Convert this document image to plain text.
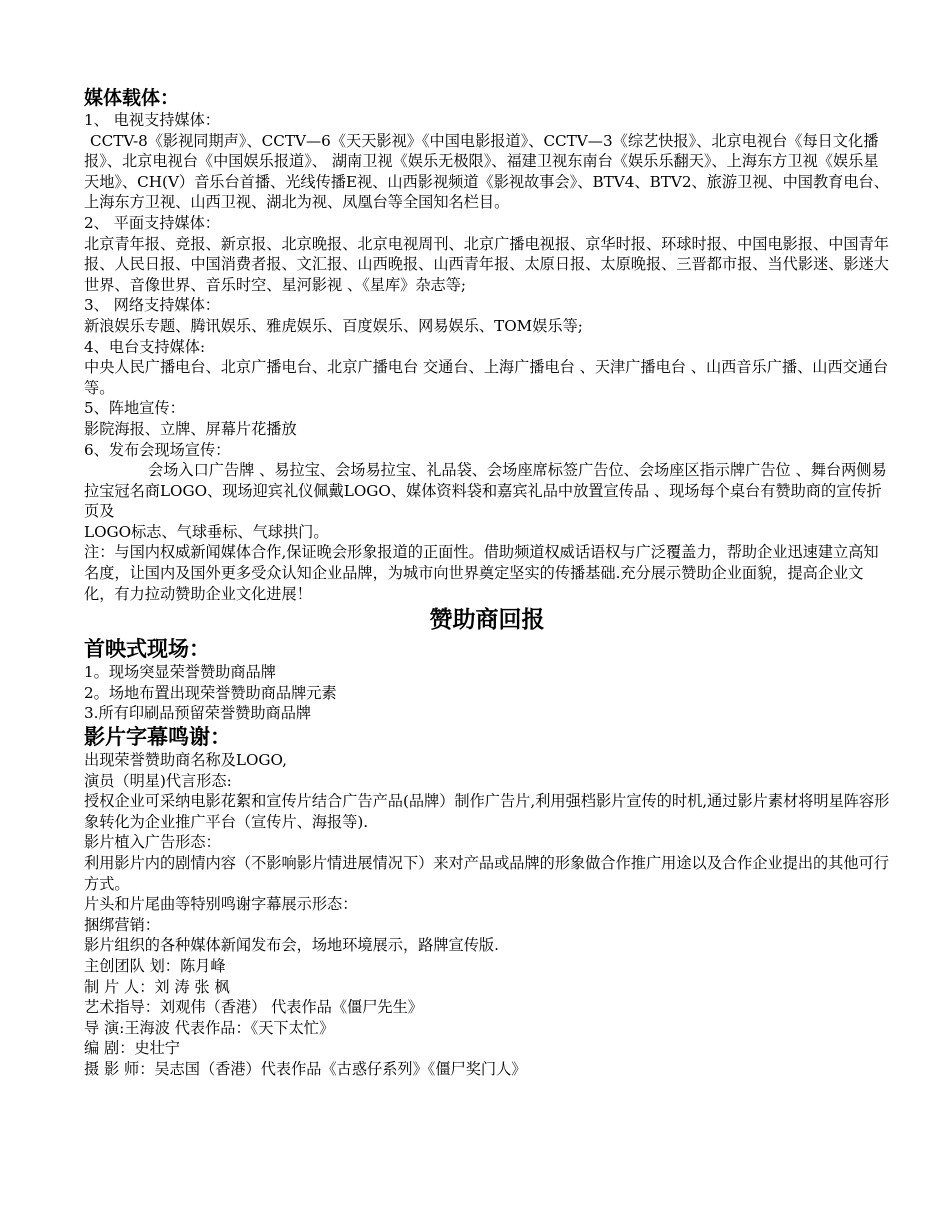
媒体载体：

1、 电视支持媒体：

CCTV-8《影视同期声》、CCTV—6《天天影视》《中国电影报道》、CCTV—3《综艺快报》、北京电视台《每日文化播报》、北京电视台《中国娱乐报道》、 湖南卫视《娱乐无极限》、福建卫视东南台《娱乐乐翻天》、上海东方卫视《娱乐星天地》、CH(V）音乐台首播、光线传播E视、山西影视频道《影视故事会》、BTV4、BTV2、旅游卫视、中国教育电台、上海东方卫视、山西卫视、湖北为视、凤凰台等全国知名栏目。

2、 平面支持媒体：

北京青年报、竞报、新京报、北京晚报、北京电视周刊、北京广播电视报、京华时报、环球时报、中国电影报、中国青年报、人民日报、中国消费者报、文汇报、山西晚报、山西青年报、太原日报、太原晚报、三晋都市报、当代影迷、影迷大世界、音像世界、音乐时空、星河影视 、《星库》杂志等;

3、 网络支持媒体：

新浪娱乐专题、腾讯娱乐、雅虎娱乐、百度娱乐、网易娱乐、TOM娱乐等;

4、电台支持媒体:

中央人民广播电台、北京广播电台、北京广播电台 交通台、上海广播电台 、天津广播电台 、山西音乐广播、山西交通台等。

5、阵地宣传：

影院海报、立牌、屏幕片花播放

6、发布会现场宣传：

会场入口广告牌 、易拉宝、会场易拉宝、礼品袋、会场座席标签广告位、会场座区指示牌广告位 、舞台两侧易拉宝冠名商LOGO、现场迎宾礼仪佩戴LOGO、媒体资料袋和嘉宾礼品中放置宣传品 、现场每个桌台有赞助商的宣传折页及

LOGO标志、气球垂标、气球拱门。

注：与国内权威新闻媒体合作,保证晚会形象报道的正面性。借助频道权威话语权与广泛覆盖力，帮助企业迅速建立高知名度，让国内及国外更多受众认知企业品牌，为城市向世界奠定坚实的传播基础.充分展示赞助企业面貌，提高企业文化，有力拉动赞助企业文化进展！

赞助商回报

首映式现场：

1。现场突显荣誉赞助商品牌

2。场地布置出现荣誉赞助商品牌元素

3.所有印刷品预留荣誉赞助商品牌

影片字幕鸣谢：

出现荣誉赞助商名称及LOGO,

演员（明星)代言形态:

授权企业可采纳电影花絮和宣传片结合广告产品(品牌）制作广告片,利用强档影片宣传的时机,通过影片素材将明星阵容形象转化为企业推广平台（宣传片、海报等).

影片植入广告形态：

利用影片内的剧情内容（不影响影片情进展情况下）来对产品或品牌的形象做合作推广用途以及合作企业提出的其他可行方式。

片头和片尾曲等特别鸣谢字幕展示形态：

捆绑营销：

影片组织的各种媒体新闻发布会，场地环境展示，路牌宣传版.

主创团队 划：陈月峰

制 片 人：刘 涛 张 枫

艺术指导：刘观伟（香港） 代表作品《僵尸先生》

导 演:王海波 代表作品：《天下太忙》

编 剧：史壮宁

摄 影 师：吴志国（香港）代表作品《古惑仔系列》《僵尸奖门人》
